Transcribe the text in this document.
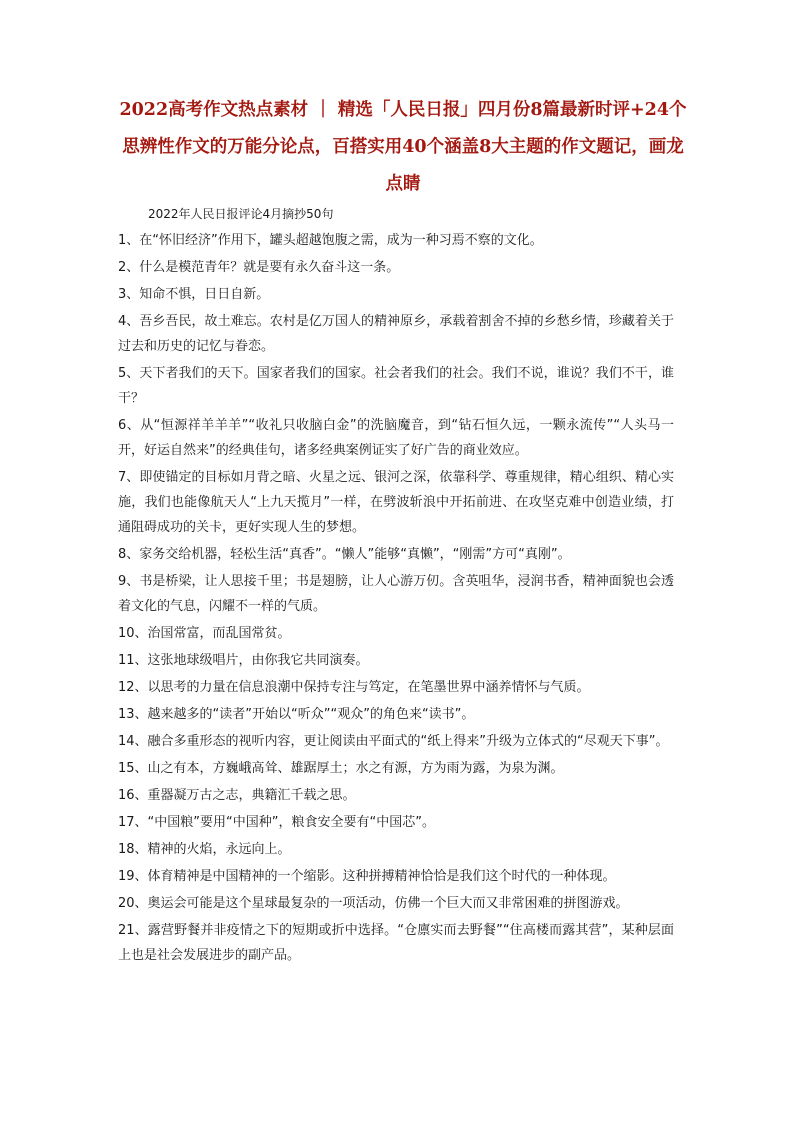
2022高考作文热点素材 ｜ 精选「人民日报」四月份8篇最新时评+24个思辨性作文的万能分论点，百搭实用40个涵盖8大主题的作文题记，画龙点睛

2022年人民日报评论4月摘抄50句

1、在“怀旧经济”作用下，罐头超越饱腹之需，成为一种习焉不察的文化。
2、什么是模范青年？就是要有永久奋斗这一条。
3、知命不惧，日日自新。
4、吾乡吾民，故土难忘。农村是亿万国人的精神原乡，承载着割舍不掉的乡愁乡情，珍藏着关于过去和历史的记忆与眷恋。
5、天下者我们的天下。国家者我们的国家。社会者我们的社会。我们不说，谁说？我们不干，谁干？
6、从“恒源祥羊羊羊”“收礼只收脑白金”的洗脑魔音，到“钻石恒久远，一颗永流传”“人头马一开，好运自然来”的经典佳句，诸多经典案例证实了好广告的商业效应。
7、即使锚定的目标如月背之暗、火星之远、银河之深，依靠科学、尊重规律，精心组织、精心实施，我们也能像航天人“上九天揽月”一样，在劈波斩浪中开拓前进、在攻坚克难中创造业绩，打通阻碍成功的关卡，更好实现人生的梦想。
8、家务交给机器，轻松生活“真香”。“懒人”能够“真懒”，“刚需”方可“真刚”。
9、书是桥梁，让人思接千里；书是翅膀，让人心游万仞。含英咀华，浸润书香，精神面貌也会透着文化的气息，闪耀不一样的气质。
10、治国常富，而乱国常贫。
11、这张地球级唱片，由你我它共同演奏。
12、以思考的力量在信息浪潮中保持专注与笃定，在笔墨世界中涵养情怀与气质。
13、越来越多的“读者”开始以“听众”“观众”的角色来“读书”。
14、融合多重形态的视听内容，更让阅读由平面式的“纸上得来”升级为立体式的“尽观天下事”。
15、山之有本，方巍峨高耸、雄踞厚土；水之有源，方为雨为露，为泉为渊。
16、重器凝万古之志，典籍汇千载之思。
17、“中国粮”要用“中国种”，粮食安全要有“中国芯”。
18、精神的火焰，永远向上。
19、体育精神是中国精神的一个缩影。这种拼搏精神恰恰是我们这个时代的一种体现。
20、奥运会可能是这个星球最复杂的一项活动，仿佛一个巨大而又非常困难的拼图游戏。
21、露营野餐并非疫情之下的短期或折中选择。“仓廪实而去野餐”“住高楼而露其营”，某种层面上也是社会发展进步的副产品。
